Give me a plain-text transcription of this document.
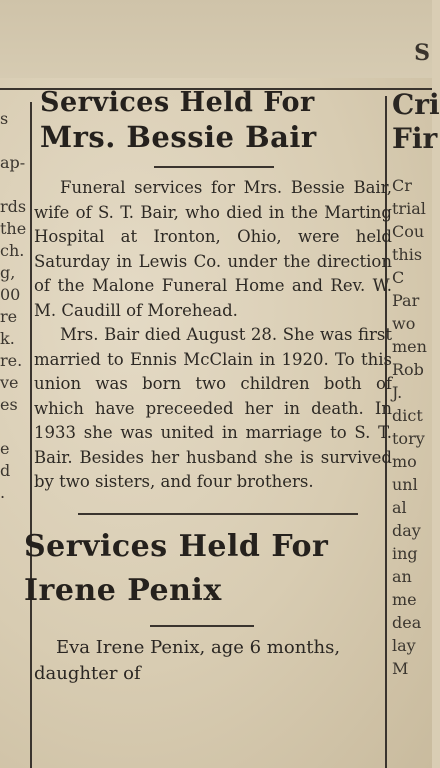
S
s
ap-
rds
the
ch.
g,
00
re
k.
re.
ve
es
e
d
.
Services Held For
Mrs. Bessie Bair

Funeral services for Mrs. Bessie Bair, wife of S. T. Bair, who died in the Marting Hospital at Ironton, Ohio, were held Saturday in Lewis Co. under the direction of the Malone Funeral Home and Rev. W. M. Caudill of Morehead.

Mrs. Bair died August 28. She was first married to Ennis McClain in 1920. To this union was born two children both of which have preceeded her in death. In 1933 she was united in marriage to S. T. Bair. Besides her husband she is survived by two sisters, and four brothers.

Services Held For
Irene Penix
Eva Irene Penix, age 6 months,
daughter of
Cri
Fir
Cr
trial
Cou
this
C
Par
wo
men
Rob
J.
dict
tory
mo
unl
al
day
ing
an
me
dea
lay
M
